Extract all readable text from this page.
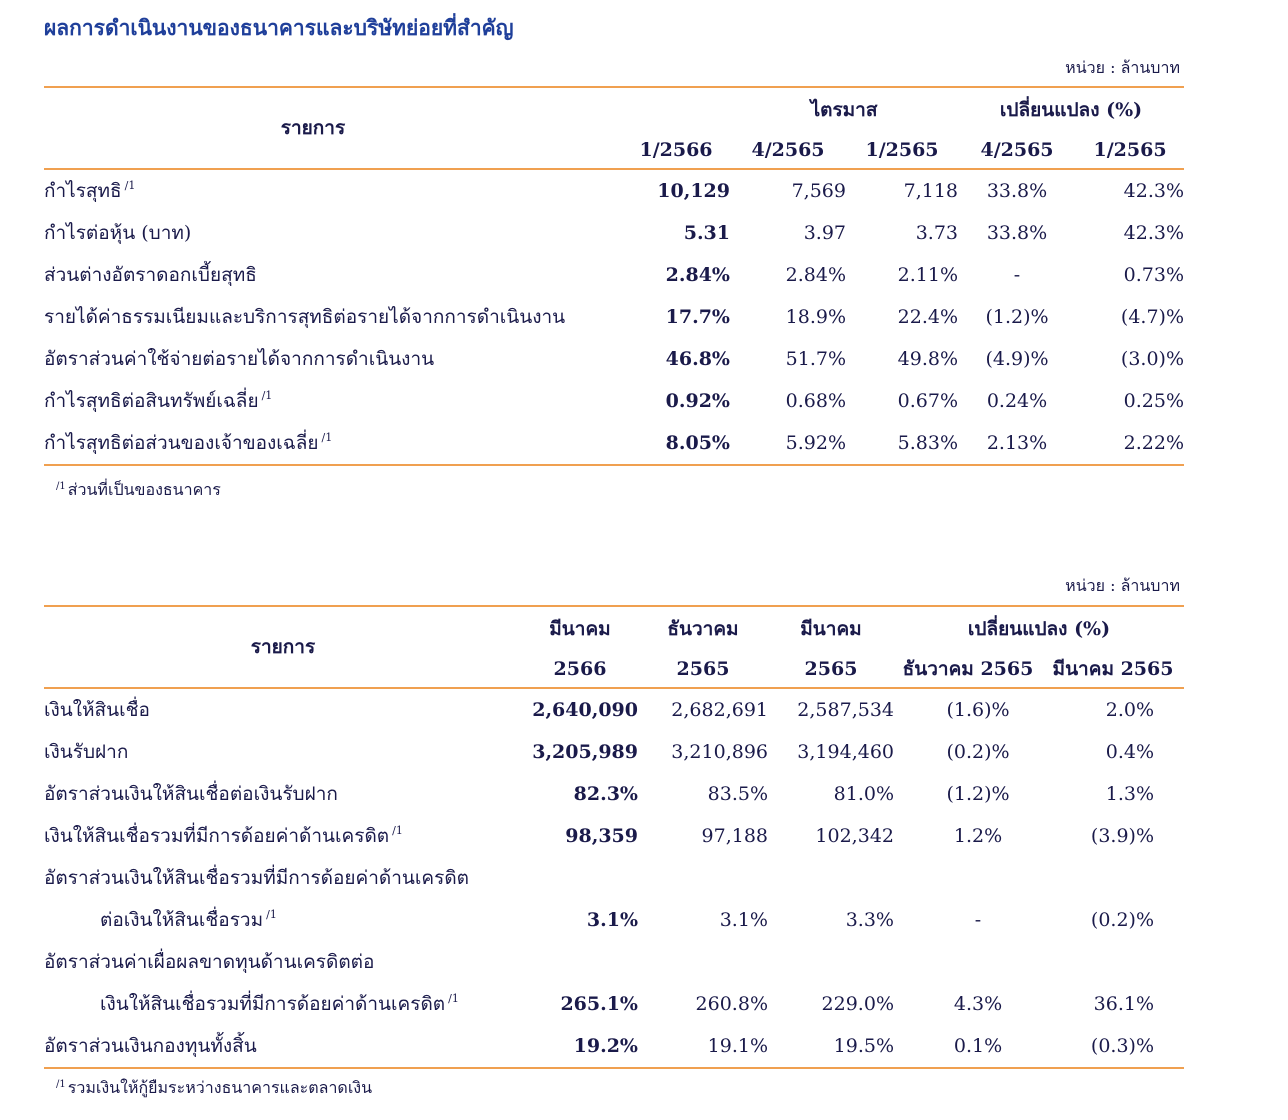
ผลการดำเนินงานของธนาคารและบริษัทย่อยที่สำคัญ
หน่วย : ล้านบาท
รายการ		ไตรมาส		เปลี่ยนแปลง (%)	
	1/2566	4/2565	1/2565	4/2565	1/2565
กำไรสุทธิ $^{/1}$	10,129	7,569	7,118	33.8%	42.3%
กำไรต่อหุ้น (บาท)	5.31	3.97	3.73	33.8%	42.3%
ส่วนต่างอัตราดอกเบี้ยสุทธิ	2.84%	2.84%	2.11%	-	0.73%
รายได้ค่าธรรมเนียมและบริการสุทธิต่อรายได้จากการดำเนินงาน	17.7%	18.9%	22.4%	(1.2)%	(4.7)%
อัตราส่วนค่าใช้จ่ายต่อรายได้จากการดำเนินงาน	46.8%	51.7%	49.8%	(4.9)%	(3.0)%
กำไรสุทธิต่อสินทรัพย์เฉลี่ย $^{/1}$	0.92%	0.68%	0.67%	0.24%	0.25%
กำไรสุทธิต่อส่วนของเจ้าของเฉลี่ย $^{/1}$	8.05%	5.92%	5.83%	2.13%	2.22%
$^{/1}$ ส่วนที่เป็นของธนาคาร
หน่วย : ล้านบาท
รายการ	มีนาคม	ธันวาคม	มีนาคม	เปลี่ยนแปลง (%)	
	2566	2565	2565	ธันวาคม 2565	มีนาคม 2565
เงินให้สินเชื่อ	2,640,090	2,682,691	2,587,534	(1.6)%	2.0%
เงินรับฝาก	3,205,989	3,210,896	3,194,460	(0.2)%	0.4%
อัตราส่วนเงินให้สินเชื่อต่อเงินรับฝาก	82.3%	83.5%	81.0%	(1.2)%	1.3%
เงินให้สินเชื่อรวมที่มีการด้อยค่าด้านเครดิต $^{/1}$	98,359	97,188	102,342	1.2%	(3.9)%
อัตราส่วนเงินให้สินเชื่อรวมที่มีการด้อยค่าด้านเครดิต					
ต่อเงินให้สินเชื่อรวม $^{/1}$	3.1%	3.1%	3.3%	-	(0.2)%
อัตราส่วนค่าเผื่อผลขาดทุนด้านเครดิตต่อ					
เงินให้สินเชื่อรวมที่มีการด้อยค่าด้านเครดิต $^{/1}$	265.1%	260.8%	229.0%	4.3%	36.1%
อัตราส่วนเงินกองทุนทั้งสิ้น	19.2%	19.1%	19.5%	0.1%	(0.3)%
$^{/1}$ รวมเงินให้กู้ยืมระหว่างธนาคารและตลาดเงิน
